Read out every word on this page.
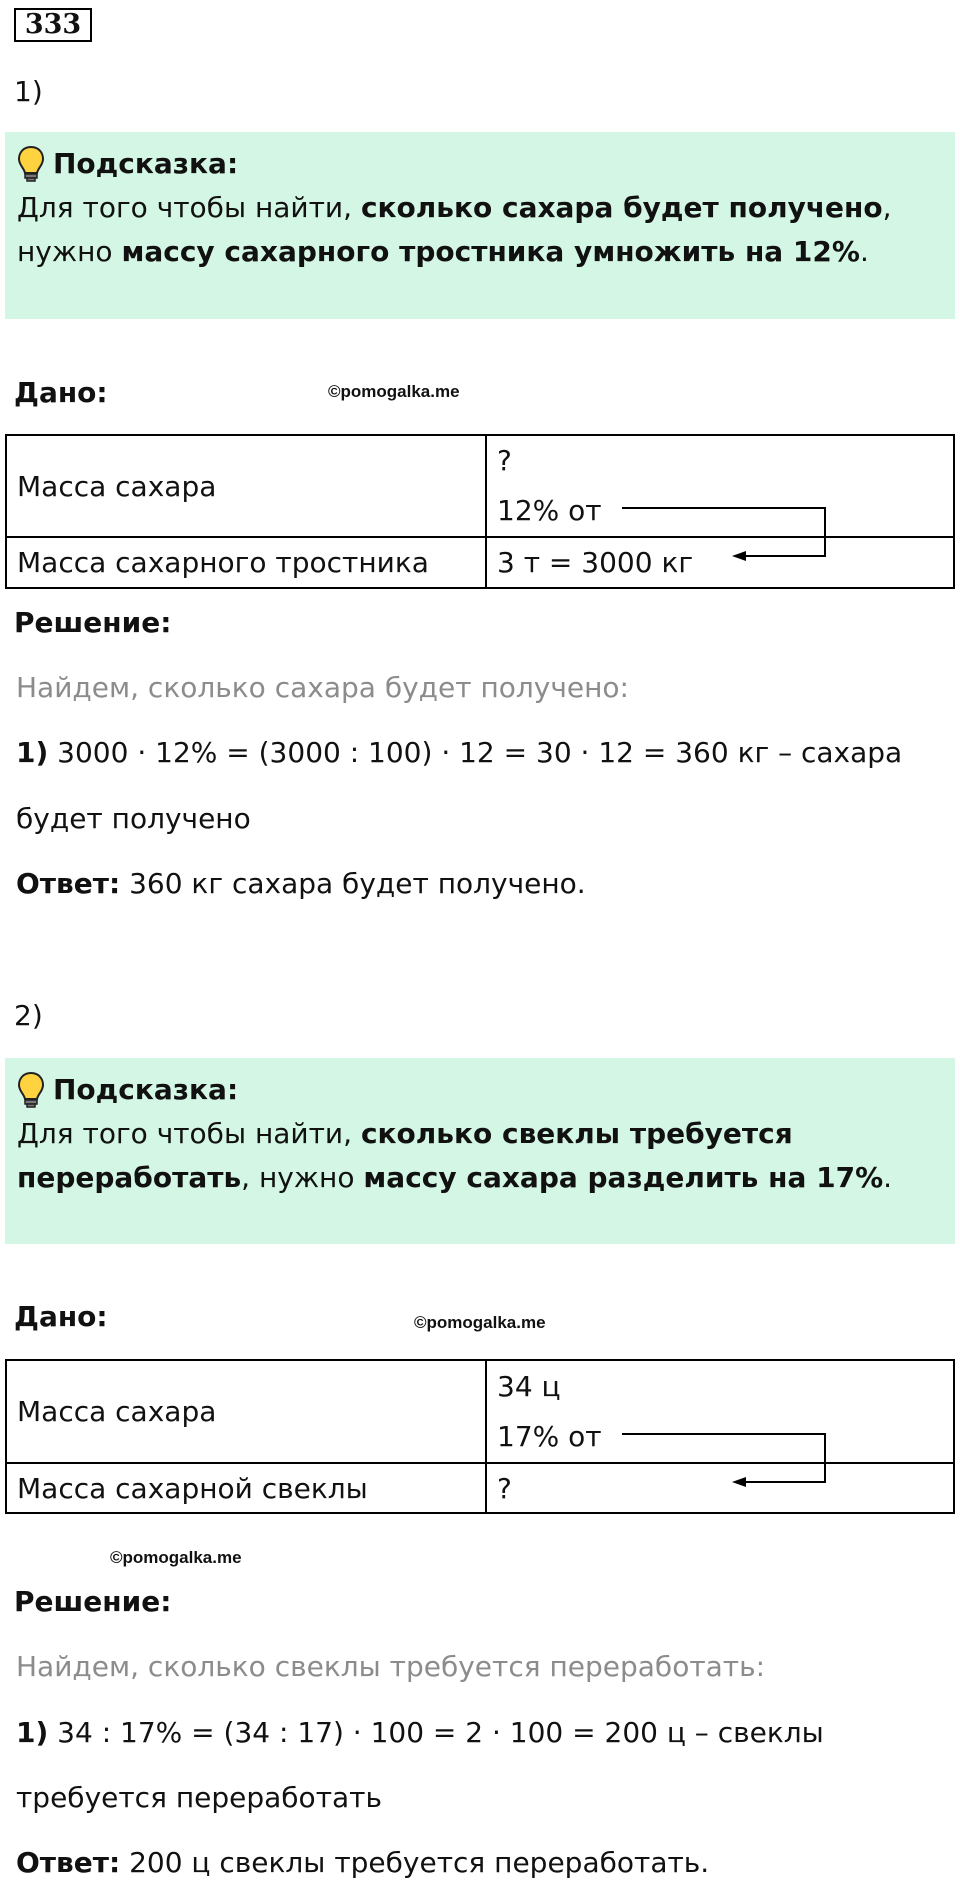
333
1)
Подсказка:

Для того чтобы найти, сколько сахара будет получено,

нужно массу сахарного тростника умножить на 12%.

Дано:	©pomogalka.me
Масса сахара	?
12% от

Масса сахарного тростника	3 т = 3000 кг
Решение:
Найдем, сколько сахара будет получено:
1) 3000 · 12% = (3000 : 100) · 12 = 30 · 12 = 360 кг – сахара
будет получено
Ответ: 360 кг сахара будет получено.
2)
Подсказка:

Для того чтобы найти, сколько свеклы требуется

переработать, нужно массу сахара разделить на 17%.

Дано:	©pomogalka.me
Масса сахара	34 ц
17% от

Масса сахарной свеклы	?
©pomogalka.me
Решение:
Найдем, сколько свеклы требуется переработать:
1) 34 : 17% = (34 : 17) · 100 = 2 · 100 = 200 ц – свеклы
требуется переработать
Ответ: 200 ц свеклы требуется переработать.
